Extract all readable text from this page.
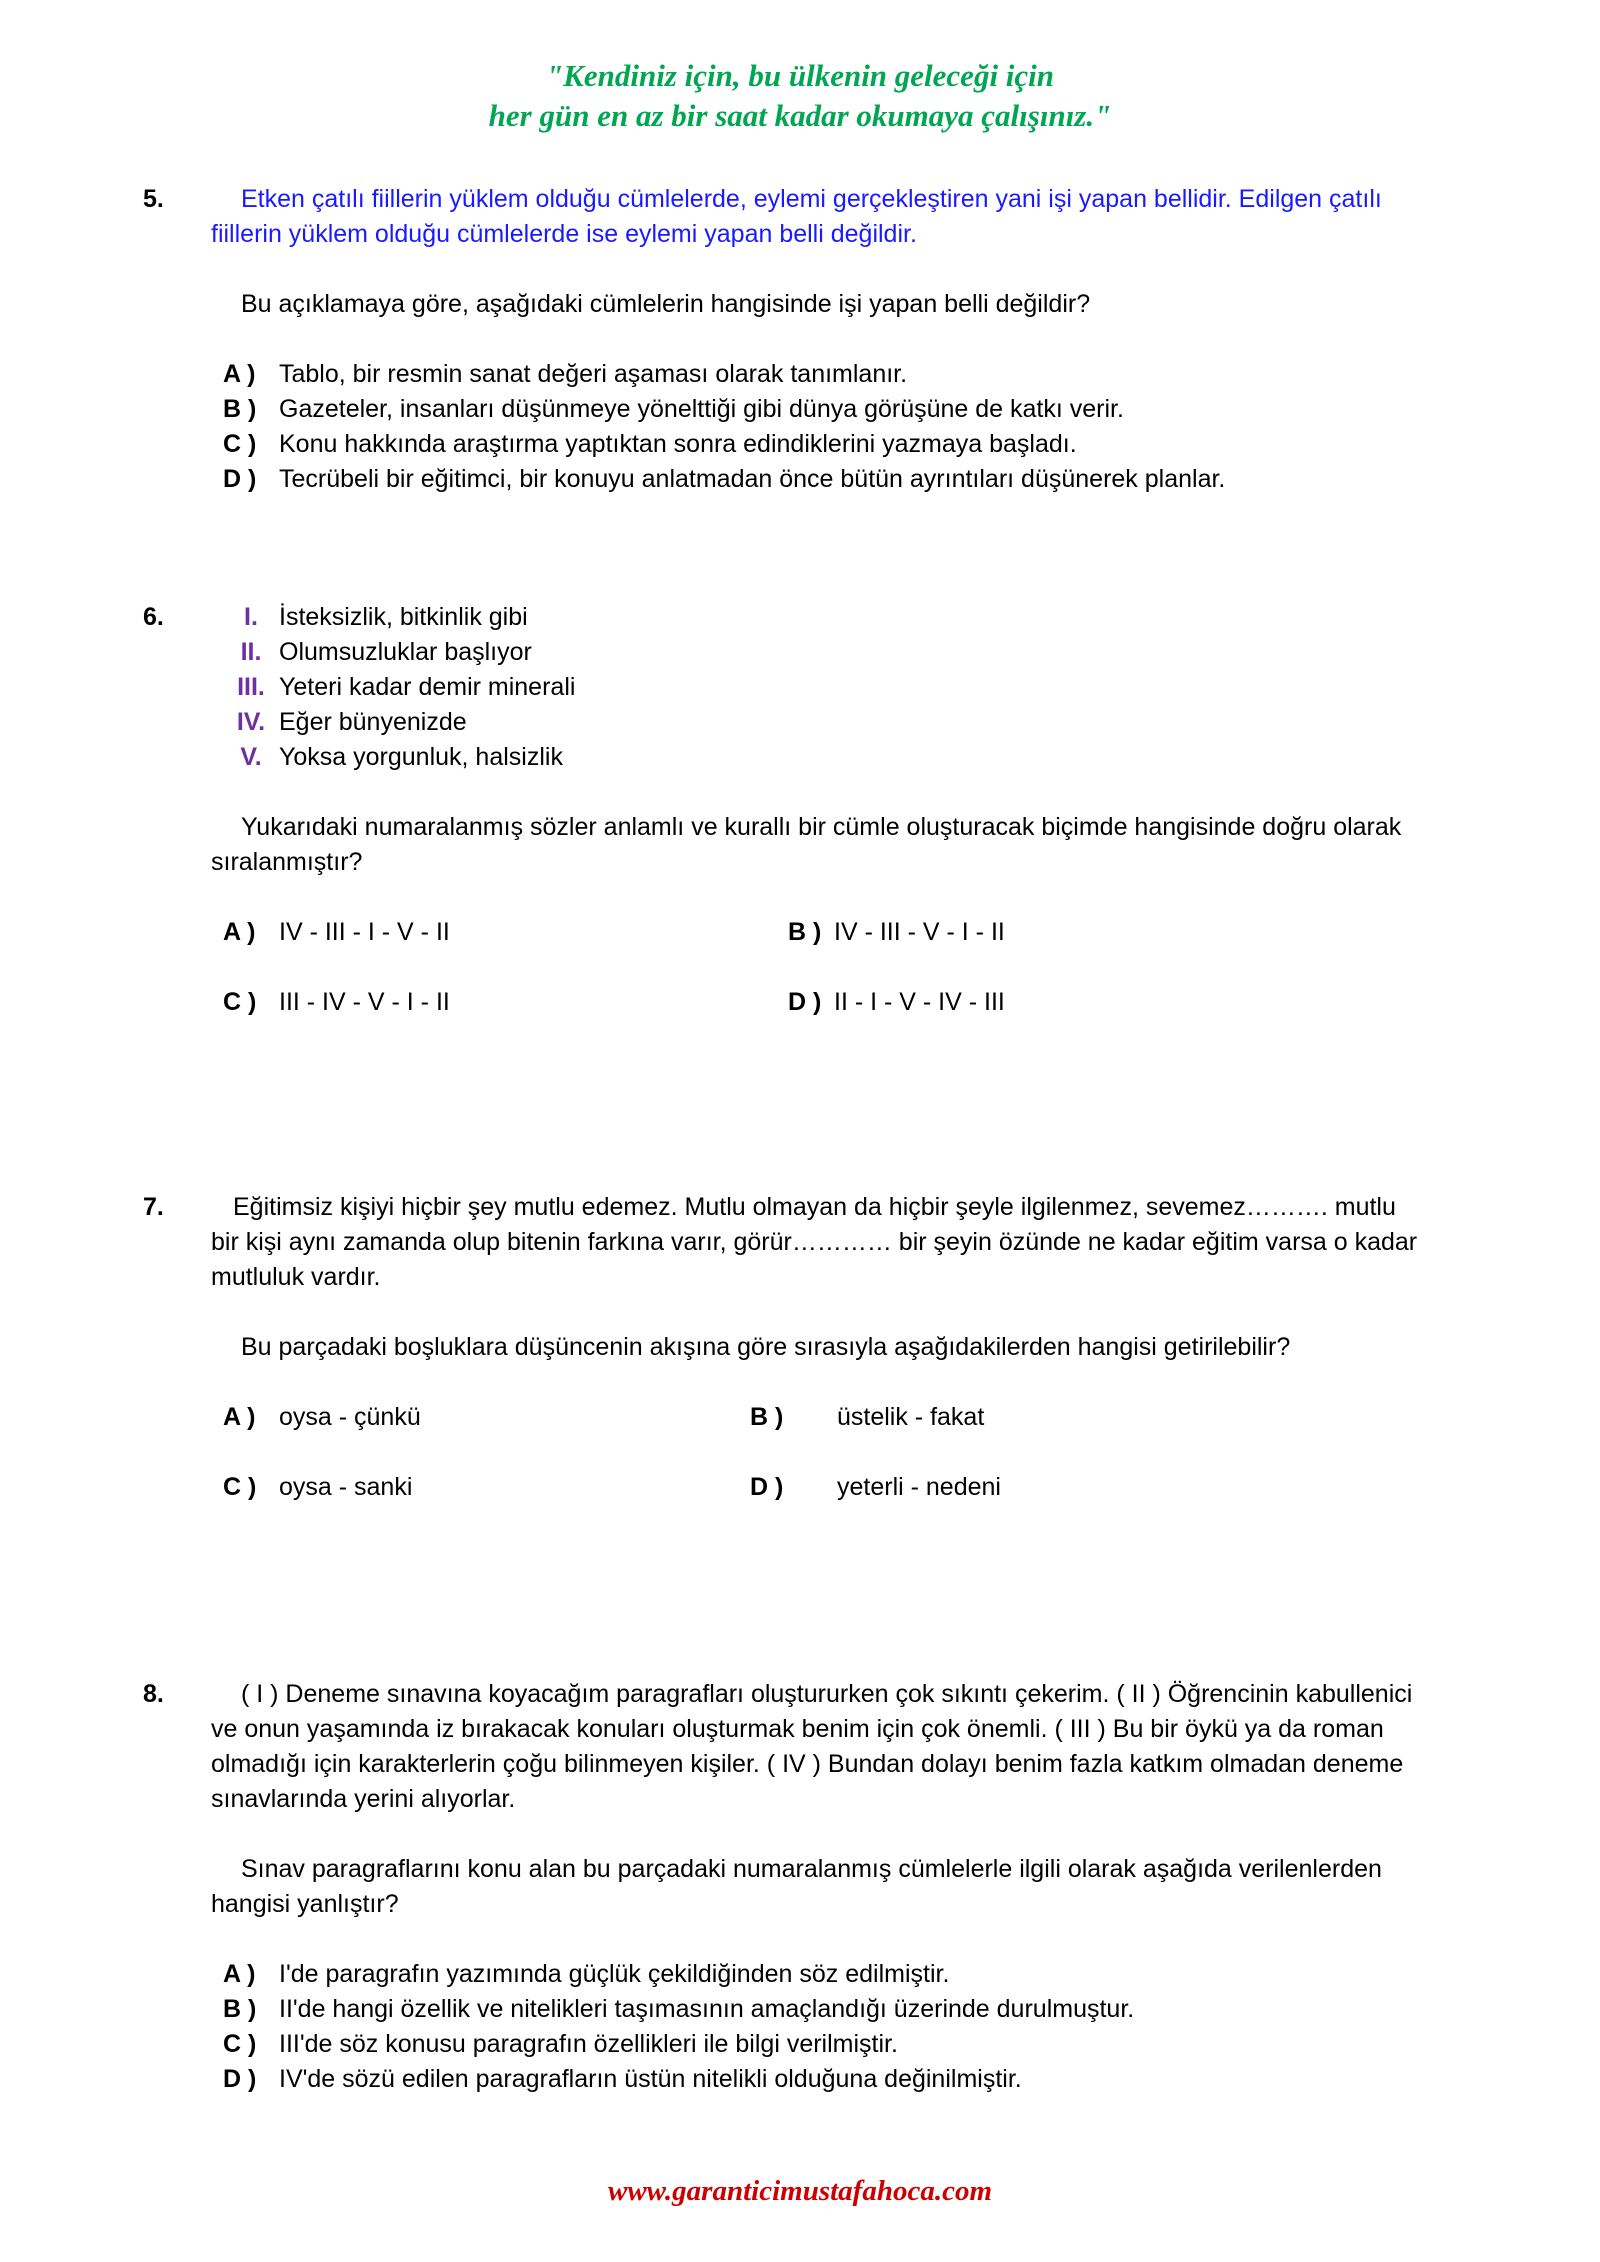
"Kendiniz için, bu ülkenin geleceği için
her gün en az bir saat kadar okumaya çalışınız."
5.	Etken çatılı fiillerin yüklem olduğu cümlelerde, eylemi gerçekleştiren yani işi yapan bellidir. Edilgen çatılı fiillerin yüklem olduğu cümlelerde ise eylemi yapan belli değildir.
Bu açıklamaya göre, aşağıdaki cümlelerin hangisinde işi yapan belli değildir?
A ) Tablo, bir resmin sanat değeri aşaması olarak tanımlanır.
B ) Gazeteler, insanları düşünmeye yönelttiği gibi dünya görüşüne de katkı verir.
C ) Konu hakkında araştırma yaptıktan sonra edindiklerini yazmaya başladı.
D ) Tecrübeli bir eğitimci, bir konuyu anlatmadan önce bütün ayrıntıları düşünerek planlar.
6.	I. İsteksizlik, bitkinlik gibi
II. Olumsuzluklar başlıyor
III. Yeteri kadar demir minerali
IV. Eğer bünyenizde
V. Yoksa yorgunluk, halsizlik
Yukarıdaki numaralanmış sözler anlamlı ve kurallı bir cümle oluşturacak biçimde hangisinde doğru olarak sıralanmıştır?
A ) IV - III - I - V - II	B ) IV - III - V - I - II
C ) III - IV - V - I - II	D ) II - I - V - IV - III
7.	Eğitimsiz kişiyi hiçbir şey mutlu edemez. Mutlu olmayan da hiçbir şeyle ilgilenmez, sevemez………. mutlu bir kişi aynı zamanda olup bitenin farkına varır, görür………… bir şeyin özünde ne kadar eğitim varsa o kadar mutluluk vardır.
Bu parçadaki boşluklara düşüncenin akışına göre sırasıyla aşağıdakilerden hangisi getirilebilir?
A ) oysa - çünkü	B )	üstelik - fakat
C ) oysa - sanki	D )	yeterli - nedeni
8.	( I ) Deneme sınavına koyacağım paragrafları oluştururken çok sıkıntı çekerim. ( II ) Öğrencinin kabullenici ve onun yaşamında iz bırakacak konuları oluşturmak benim için çok önemli. ( III ) Bu bir öykü ya da roman olmadığı için karakterlerin çoğu bilinmeyen kişiler. ( IV ) Bundan dolayı benim fazla katkım olmadan deneme sınavlarında yerini alıyorlar.
Sınav paragraflarını konu alan bu parçadaki numaralanmış cümlelerle ilgili olarak aşağıda verilenlerden hangisi yanlıştır?
A ) I'de paragrafın yazımında güçlük çekildiğinden söz edilmiştir.
B ) II'de hangi özellik ve nitelikleri taşımasının amaçlandığı üzerinde durulmuştur.
C ) III'de söz konusu paragrafın özellikleri ile bilgi verilmiştir.
D ) IV'de sözü edilen paragrafların üstün nitelikli olduğuna değinilmiştir.
www.garanticimustafahoca.com
